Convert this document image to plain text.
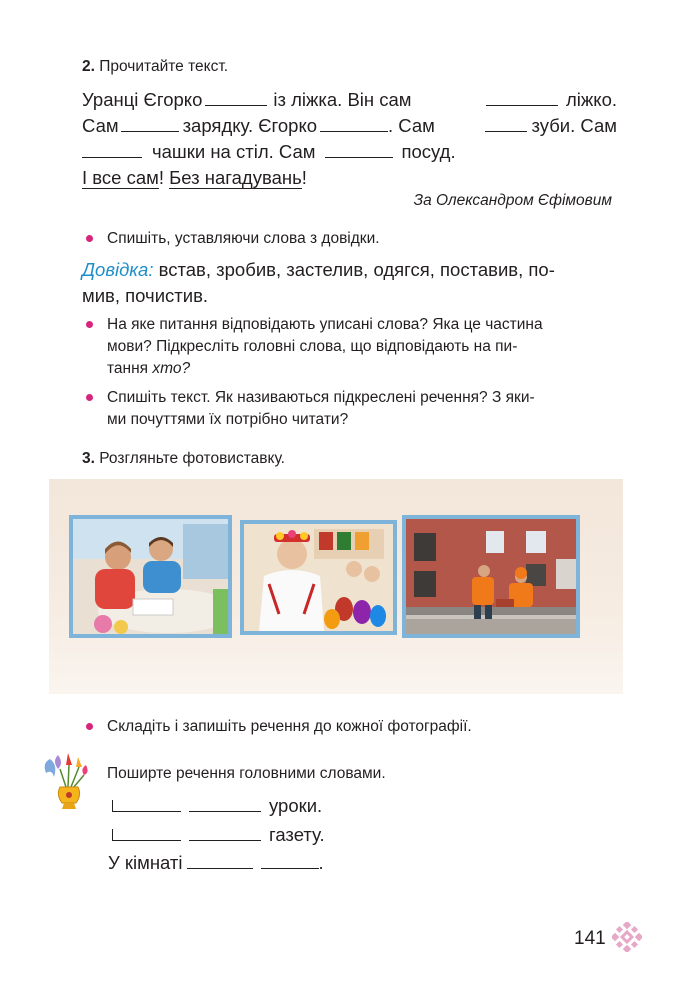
2. Прочитайте текст.
Уранці Єгорко	із ліжка. Він сам	ліжко.
Сам	зарядку. Єгорко	. Сам	зуби. Сам
чашки на стіл. Сам	посуд.
І все сам! Без нагадувань!
За Олександром Єфімовим
Спишіть, уставляючи слова з довідки.
Довідка: встав, зробив, застелив, одягся, поставив, по-
мив, почистив.
На яке питання відповідають уписані слова? Яка це частина
мови? Підкресліть головні слова, що відповідають на пи-
тання хто?
Спишіть текст. Як називаються підкреслені речення? З яки-
ми почуттями їх потрібно читати?
3. Розгляньте фотовиставку.
Складіть і запишіть речення до кожної фотографії.
Поширте речення головними словами.
уроки.
газету.
У кімнаті	.
141
